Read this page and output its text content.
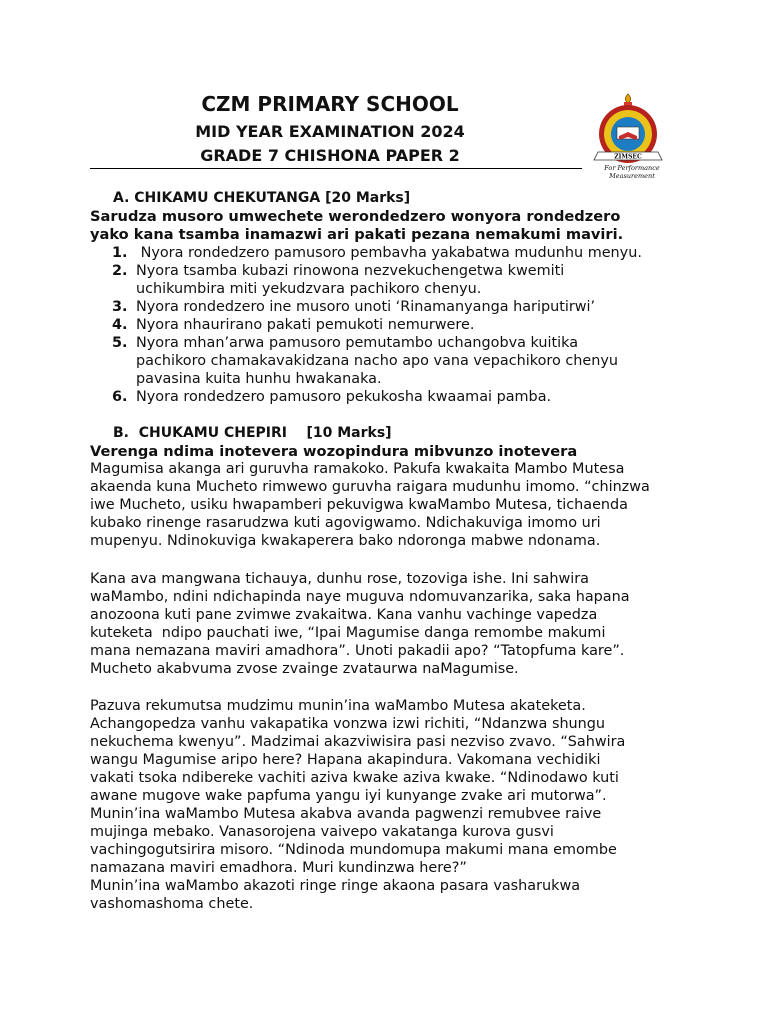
CZM PRIMARY SCHOOL
MID YEAR EXAMINATION 2024
GRADE 7 CHISHONA PAPER 2	ZIMSEC
For Performance Measurement
A. CHIKAMU CHEKUTANGA [20 Marks]
Sarudza musoro umwechete werondedzero wonyora rondedzero
yako kana tsamba inamazwi ari pakati pezana nemakumi maviri.
1. Nyora rondedzero pamusoro pembavha yakabatwa mudunhu menyu.
2. Nyora tsamba kubazi rinowona nezvekuchengetwa kwemiti
uchikumbira miti yekudzvara pachikoro chenyu.
3. Nyora rondedzero ine musoro unoti ‘Rinamanyanga hariputirwi’
4. Nyora nhaurirano pakati pemukoti nemurwere.
5. Nyora mhan’arwa pamusoro pemutambo uchangobva kuitika
pachikoro chamakavakidzana nacho apo vana vepachikoro chenyu
pavasina kuita hunhu hwakanaka.
6. Nyora rondedzero pamusoro pekukosha kwaamai pamba.
B.  CHUKAMU CHEPIRI    [10 Marks]
Verenga ndima inotevera wozopindura mibvunzo inotevera
Magumisa akanga ari guruvha ramakoko. Pakufa kwakaita Mambo Mutesa
akaenda kuna Mucheto rimwewo guruvha raigara mudunhu imomo. “chinzwa
iwe Mucheto, usiku hwapamberi pekuvigwa kwaMambo Mutesa, tichaenda
kubako rinenge rasarudzwa kuti agovigwamo. Ndichakuviga imomo uri
mupenyu. Ndinokuviga kwakaperera bako ndoronga mabwe ndonama.
Kana ava mangwana tichauya, dunhu rose, tozoviga ishe. Ini sahwira
waMambo, ndini ndichapinda naye muguva ndomuvanzarika, saka hapana
anozoona kuti pane zvimwe zvakaitwa. Kana vanhu vachinge vapedza
kuteketa  ndipo pauchati iwe, “Ipai Magumise danga remombe makumi
mana nemazana maviri amadhora”. Unoti pakadii apo? “Tatopfuma kare”.
Mucheto akabvuma zvose zvainge zvataurwa naMagumise.
Pazuva rekumutsa mudzimu munin’ina waMambo Mutesa akateketa.
Achangopedza vanhu vakapatika vonzwa izwi richiti, “Ndanzwa shungu
nekuchema kwenyu”. Madzimai akazviwisira pasi nezviso zvavo. “Sahwira
wangu Magumise aripo here? Hapana akapindura. Vakomana vechidiki
vakati tsoka ndibereke vachiti aziva kwake aziva kwake. “Ndinodawo kuti
awane mugove wake papfuma yangu iyi kunyange zvake ari mutorwa”.
Munin’ina waMambo Mutesa akabva avanda pagwenzi remubvee raive
mujinga mebako. Vanasorojena vaivepo vakatanga kurova gusvi
vachingogutsirira misoro. “Ndinoda mundomupa makumi mana emombe
namazana maviri emadhora. Muri kundinzwa here?”
Munin’ina waMambo akazoti ringe ringe akaona pasara vasharukwa
vashomashoma chete.
